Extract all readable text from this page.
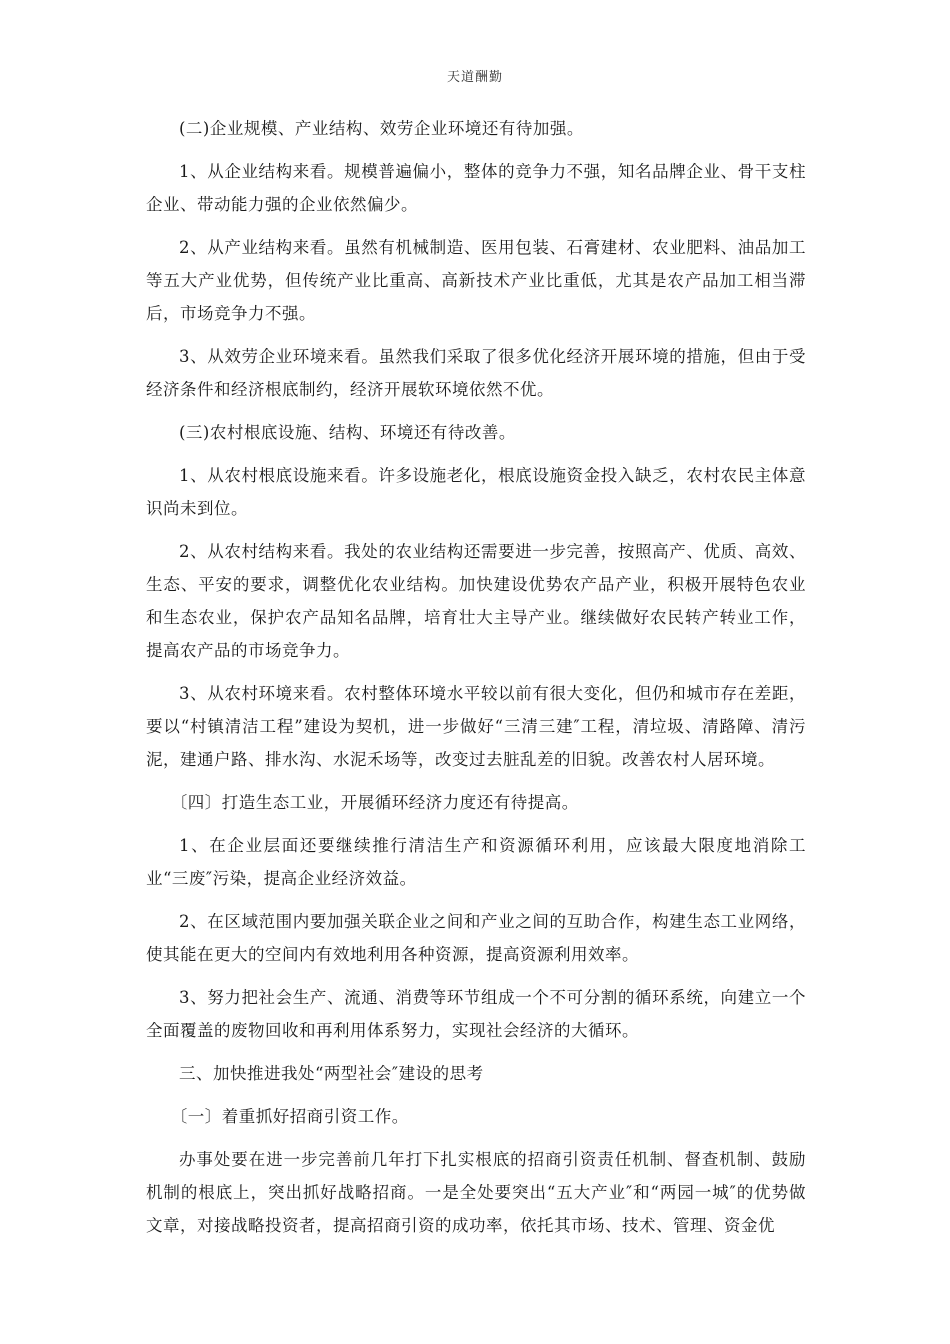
天道酬勤

(二)企业规模、产业结构、效劳企业环境还有待加强。

1、从企业结构来看。规模普遍偏小，整体的竞争力不强，知名品牌企业、骨干支柱企业、带动能力强的企业依然偏少。

2、从产业结构来看。虽然有机械制造、医用包装、石膏建材、农业肥料、油品加工等五大产业优势，但传统产业比重高、高新技术产业比重低，尤其是农产品加工相当滞后，市场竞争力不强。

3、从效劳企业环境来看。虽然我们采取了很多优化经济开展环境的措施，但由于受经济条件和经济根底制约，经济开展软环境依然不优。

(三)农村根底设施、结构、环境还有待改善。

1、从农村根底设施来看。许多设施老化，根底设施资金投入缺乏，农村农民主体意识尚未到位。

2、从农村结构来看。我处的农业结构还需要进一步完善，按照高产、优质、高效、生态、平安的要求，调整优化农业结构。加快建设优势农产品产业，积极开展特色农业和生态农业，保护农产品知名品牌，培育壮大主导产业。继续做好农民转产转业工作，提高农产品的市场竞争力。

3、从农村环境来看。农村整体环境水平较以前有很大变化，但仍和城市存在差距，要以“村镇清洁工程”建设为契机，进一步做好“三清三建″工程，清垃圾、清路障、清污泥，建通户路、排水沟、水泥禾场等，改变过去脏乱差的旧貌。改善农村人居环境。

〔四〕打造生态工业，开展循环经济力度还有待提高。

1、在企业层面还要继续推行清洁生产和资源循环利用，应该最大限度地消除工业“三废″污染，提高企业经济效益。

2、在区域范围内要加强关联企业之间和产业之间的互助合作，构建生态工业网络，使其能在更大的空间内有效地利用各种资源，提高资源利用效率。

3、努力把社会生产、流通、消费等环节组成一个不可分割的循环系统，向建立一个全面覆盖的废物回收和再利用体系努力，实现社会经济的大循环。

三、加快推进我处“两型社会″建设的思考

〔一〕着重抓好招商引资工作。

办事处要在进一步完善前几年打下扎实根底的招商引资责任机制、督查机制、鼓励机制的根底上，突出抓好战略招商。一是全处要突出“五大产业″和“两园一城″的优势做文章，对接战略投资者，提高招商引资的成功率，依托其市场、技术、管理、资金优
